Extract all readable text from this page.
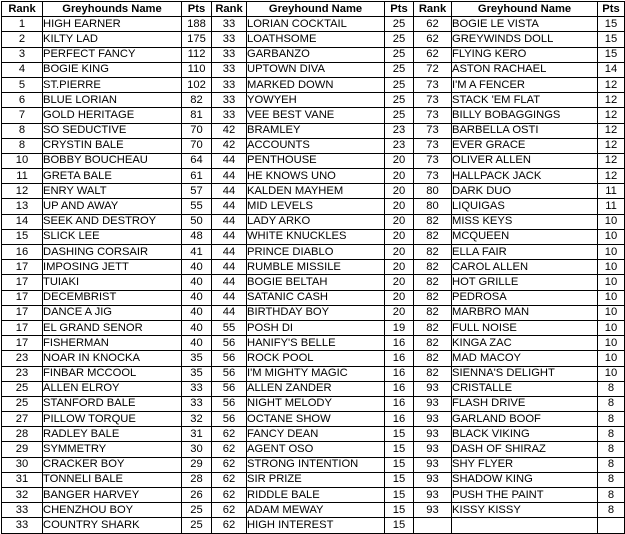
Rank	Greyhounds Name	Pts	Rank	Greyhound Name	Pts	Rank	Greyhound Name	Pts
1	HIGH EARNER	188	33	LORIAN COCKTAIL	25	62	BOGIE LE VISTA	15
2	KILTY LAD	175	33	LOATHSOME	25	62	GREYWINDS DOLL	15
3	PERFECT FANCY	112	33	GARBANZO	25	62	FLYING KERO	15
4	BOGIE KING	110	33	UPTOWN DIVA	25	72	ASTON RACHAEL	14
5	ST.PIERRE	102	33	MARKED DOWN	25	73	I'M A FENCER	12
6	BLUE LORIAN	82	33	YOWYEH	25	73	STACK 'EM FLAT	12
7	GOLD HERITAGE	81	33	VEE BEST VANE	25	73	BILLY BOBAGGINGS	12
8	SO SEDUCTIVE	70	42	BRAMLEY	23	73	BARBELLA OSTI	12
8	CRYSTIN BALE	70	42	ACCOUNTS	23	73	EVER GRACE	12
10	BOBBY BOUCHEAU	64	44	PENTHOUSE	20	73	OLIVER ALLEN	12
11	GRETA BALE	61	44	HE KNOWS UNO	20	73	HALLPACK JACK	12
12	ENRY WALT	57	44	KALDEN MAYHEM	20	80	DARK DUO	11
13	UP AND AWAY	55	44	MID LEVELS	20	80	LIQUIGAS	11
14	SEEK AND DESTROY	50	44	LADY ARKO	20	82	MISS KEYS	10
15	SLICK LEE	48	44	WHITE KNUCKLES	20	82	MCQUEEN	10
16	DASHING CORSAIR	41	44	PRINCE DIABLO	20	82	ELLA FAIR	10
17	IMPOSING JETT	40	44	RUMBLE MISSILE	20	82	CAROL ALLEN	10
17	TUIAKI	40	44	BOGIE BELTAH	20	82	HOT GRILLE	10
17	DECEMBRIST	40	44	SATANIC CASH	20	82	PEDROSA	10
17	DANCE A JIG	40	44	BIRTHDAY BOY	20	82	MARBRO MAN	10
17	EL GRAND SENOR	40	55	POSH DI	19	82	FULL NOISE	10
17	FISHERMAN	40	56	HANIFY'S BELLE	16	82	KINGA ZAC	10
23	NOAR IN KNOCKA	35	56	ROCK POOL	16	82	MAD MACOY	10
23	FINBAR MCCOOL	35	56	I'M MIGHTY MAGIC	16	82	SIENNA'S DELIGHT	10
25	ALLEN ELROY	33	56	ALLEN ZANDER	16	93	CRISTALLE	8
25	STANFORD BALE	33	56	NIGHT MELODY	16	93	FLASH DRIVE	8
27	PILLOW TORQUE	32	56	OCTANE SHOW	16	93	GARLAND BOOF	8
28	RADLEY BALE	31	62	FANCY DEAN	15	93	BLACK VIKING	8
29	SYMMETRY	30	62	AGENT OSO	15	93	DASH OF SHIRAZ	8
30	CRACKER BOY	29	62	STRONG INTENTION	15	93	SHY FLYER	8
31	TONNELI BALE	28	62	SIR PRIZE	15	93	SHADOW KING	8
32	BANGER HARVEY	26	62	RIDDLE BALE	15	93	PUSH THE PAINT	8
33	CHENZHOU BOY	25	62	ADAM MEWAY	15	93	KISSY KISSY	8
33	COUNTRY SHARK	25	62	HIGH INTEREST	15			
